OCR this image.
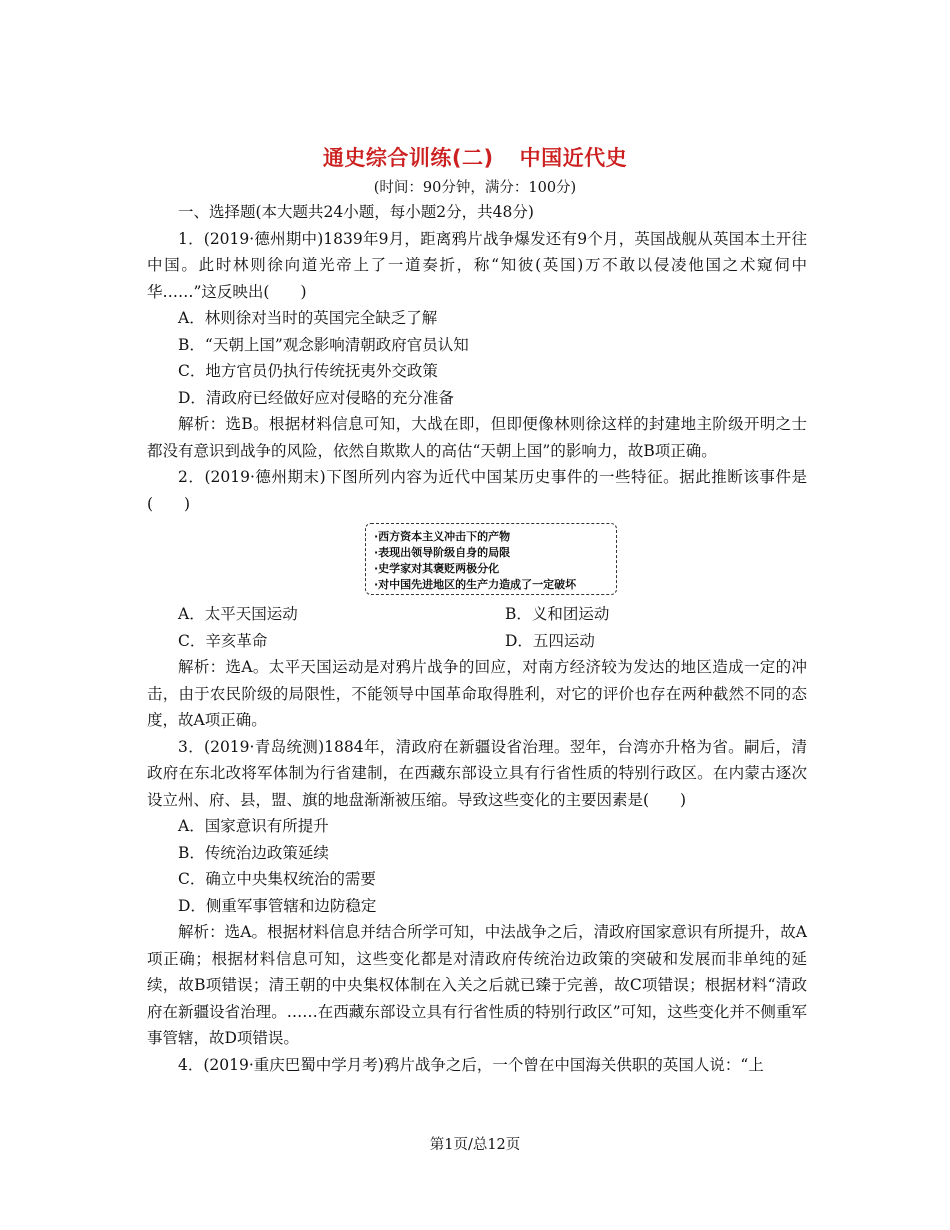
通史综合训练(二) 中国近代史
(时间：90分钟，满分：100分)

一、选择题(本大题共24小题，每小题2分，共48分)

1．(2019·德州期中)1839年9月，距离鸦片战争爆发还有9个月，英国战舰从英国本土开往中国。此时林则徐向道光帝上了一道奏折，称“知彼(英国)万不敢以侵凌他国之术窥伺中华……”这反映出(　　)

A．林则徐对当时的英国完全缺乏了解

B．“天朝上国”观念影响清朝政府官员认知

C．地方官员仍执行传统抚夷外交政策

D．清政府已经做好应对侵略的充分准备

解析：选B。根据材料信息可知，大战在即，但即便像林则徐这样的封建地主阶级开明之士都没有意识到战争的风险，依然自欺欺人的高估“天朝上国”的影响力，故B项正确。

2．(2019·德州期末)下图所列内容为近代中国某历史事件的一些特征。据此推断该事件是(　　)

·西方资本主义冲击下的产物
·表现出领导阶级自身的局限
·史学家对其褒贬两极分化
·对中国先进地区的生产力造成了一定破坏
A．太平天国运动	B．义和团运动
C．辛亥革命	D．五四运动

解析：选A。太平天国运动是对鸦片战争的回应，对南方经济较为发达的地区造成一定的冲击，由于农民阶级的局限性，不能领导中国革命取得胜利，对它的评价也存在两种截然不同的态度，故A项正确。

3．(2019·青岛统测)1884年，清政府在新疆设省治理。翌年，台湾亦升格为省。嗣后，清政府在东北改将军体制为行省建制，在西藏东部设立具有行省性质的特别行政区。在内蒙古逐次设立州、府、县，盟、旗的地盘渐渐被压缩。导致这些变化的主要因素是(　　)

A．国家意识有所提升

B．传统治边政策延续

C．确立中央集权统治的需要

D．侧重军事管辖和边防稳定

解析：选A。根据材料信息并结合所学可知，中法战争之后，清政府国家意识有所提升，故A项正确；根据材料信息可知，这些变化都是对清政府传统治边政策的突破和发展而非单纯的延续，故B项错误；清王朝的中央集权体制在入关之后就已臻于完善，故C项错误；根据材料“清政府在新疆设省治理。……在西藏东部设立具有行省性质的特别行政区”可知，这些变化并不侧重军事管辖，故D项错误。

4．(2019·重庆巴蜀中学月考)鸦片战争之后，一个曾在中国海关供职的英国人说：“上

第1页/总12页
